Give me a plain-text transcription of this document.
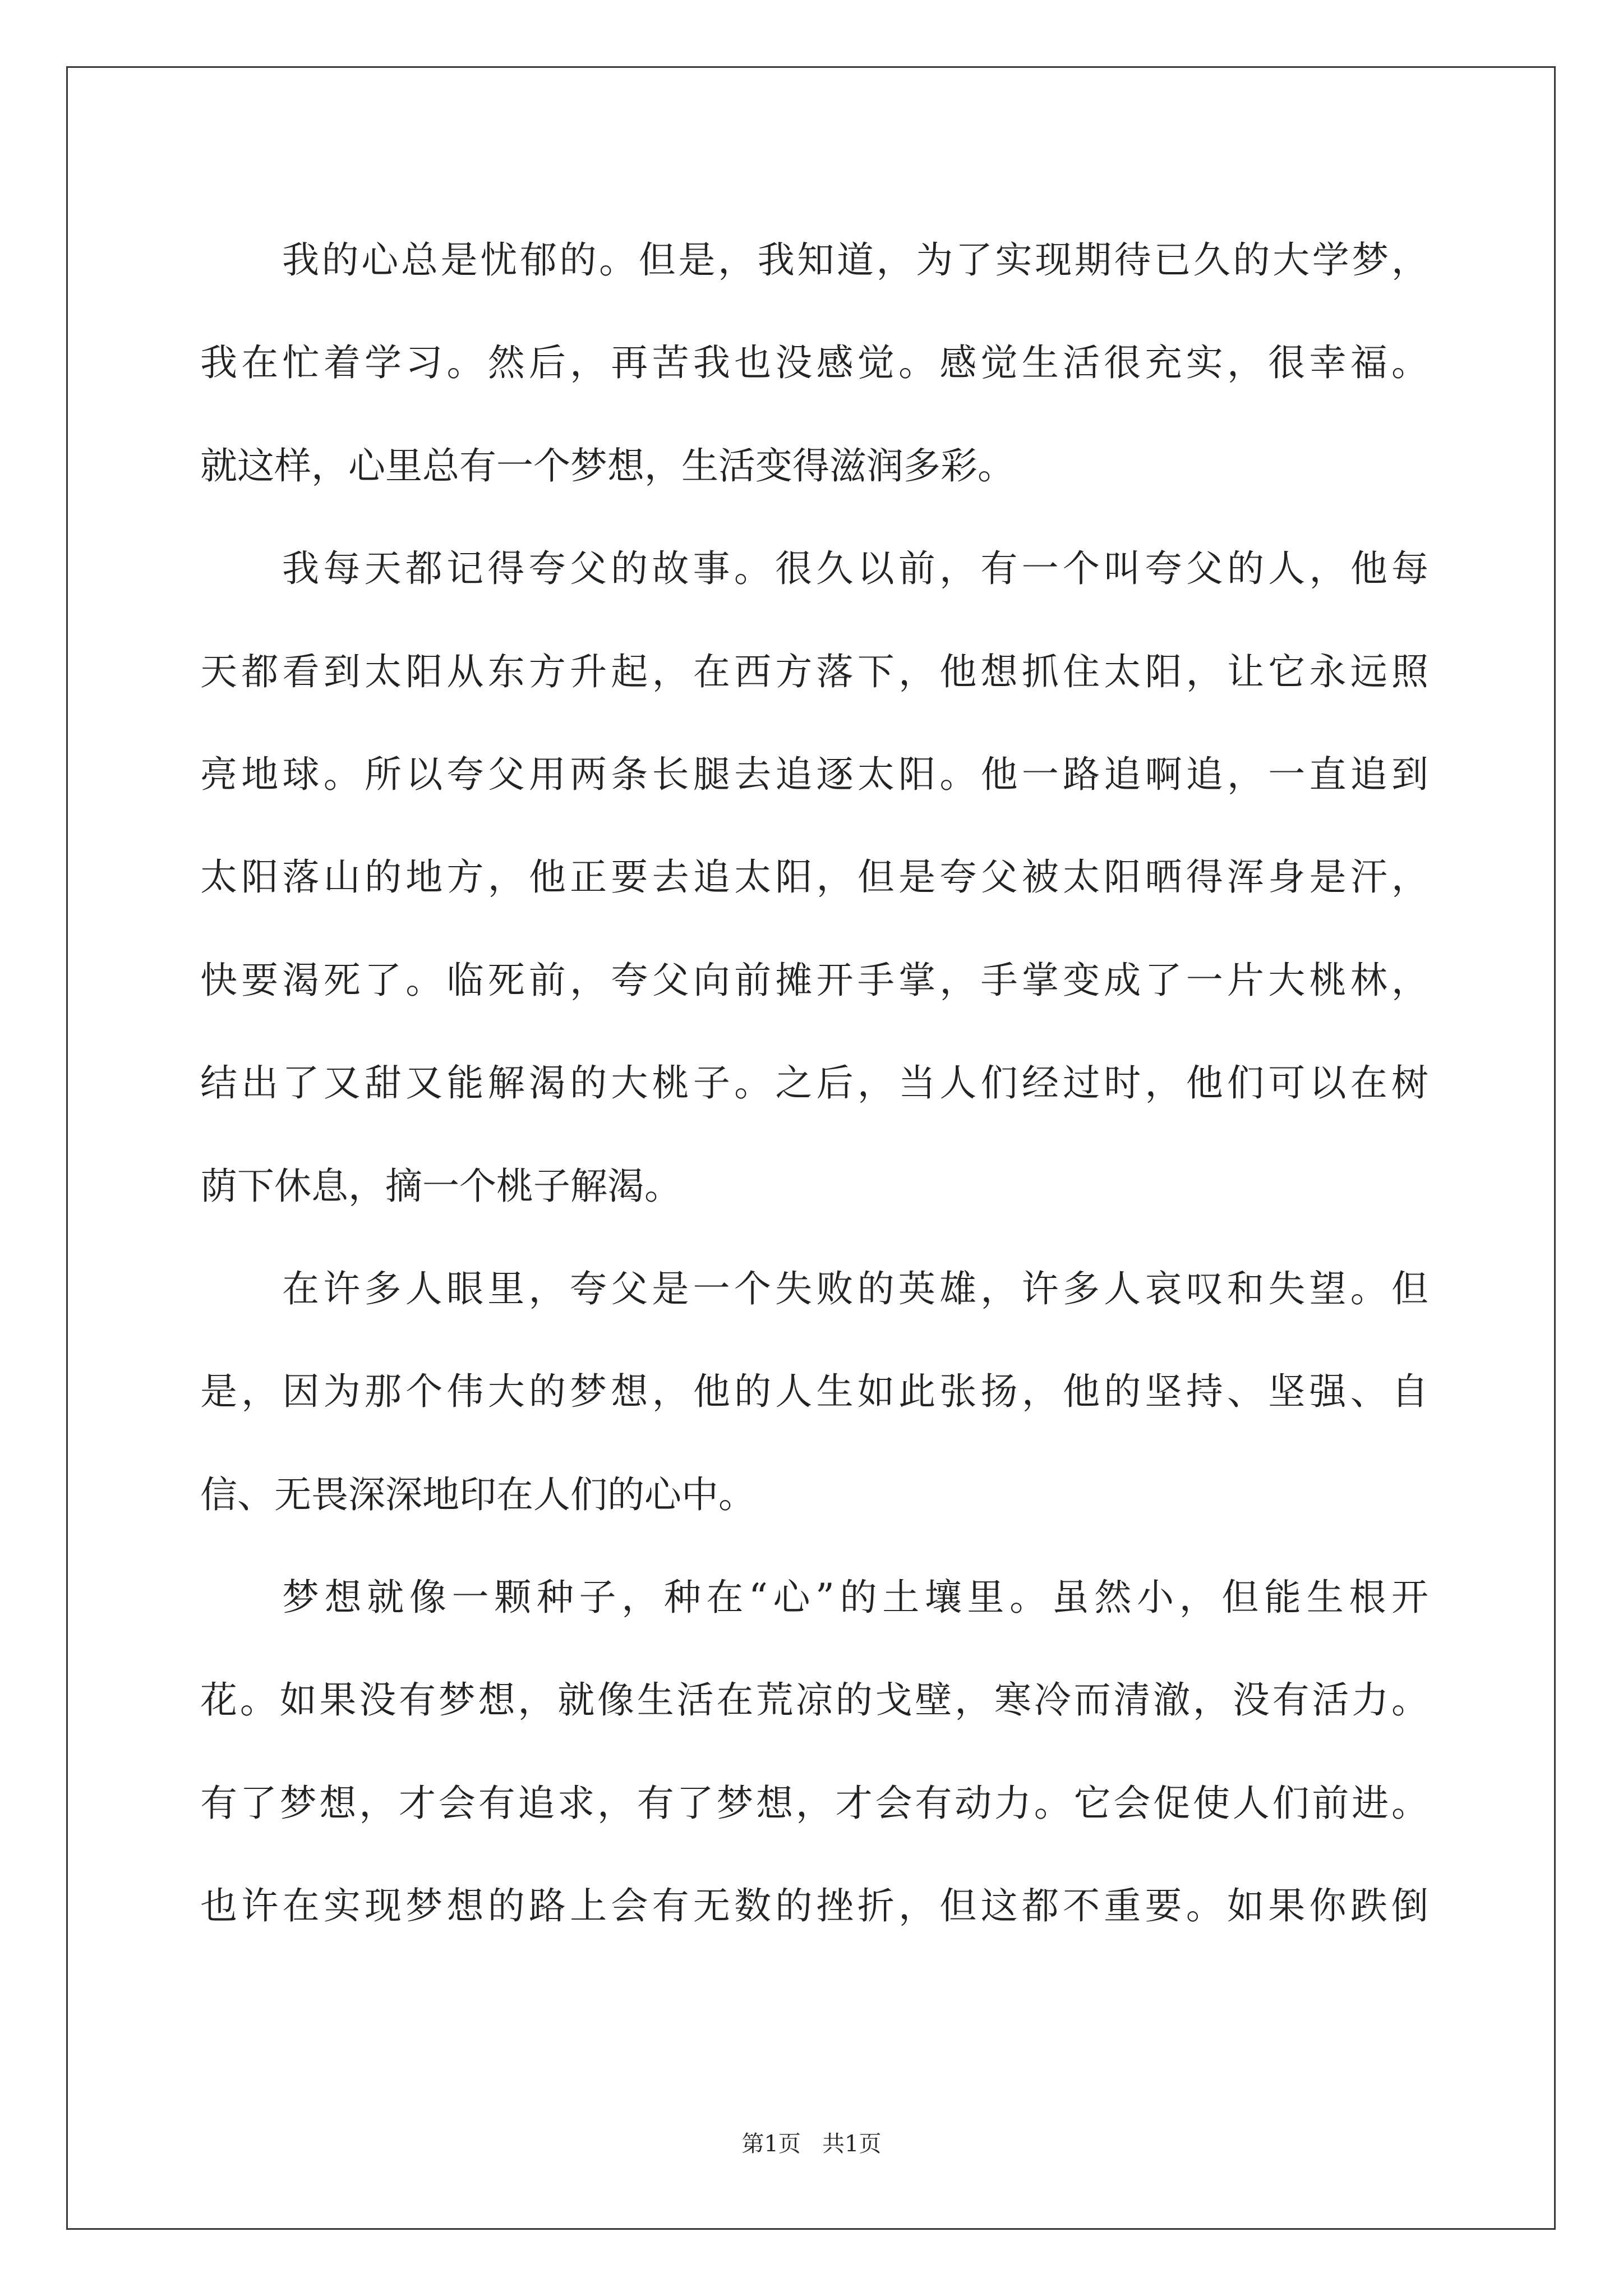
我的心总是忧郁的。但是，我知道，为了实现期待已久的大学梦，
我在忙着学习。然后，再苦我也没感觉。感觉生活很充实，很幸福。
就这样，心里总有一个梦想，生活变得滋润多彩。
我每天都记得夸父的故事。很久以前，有一个叫夸父的人，他每
天都看到太阳从东方升起，在西方落下，他想抓住太阳，让它永远照
亮地球。所以夸父用两条长腿去追逐太阳。他一路追啊追，一直追到
太阳落山的地方，他正要去追太阳，但是夸父被太阳晒得浑身是汗，
快要渴死了。临死前，夸父向前摊开手掌，手掌变成了一片大桃林，
结出了又甜又能解渴的大桃子。之后，当人们经过时，他们可以在树
荫下休息，摘一个桃子解渴。
在许多人眼里，夸父是一个失败的英雄，许多人哀叹和失望。但
是，因为那个伟大的梦想，他的人生如此张扬，他的坚持、坚强、自
信、无畏深深地印在人们的心中。
梦想就像一颗种子，种在“心”的土壤里。虽然小，但能生根开
花。如果没有梦想，就像生活在荒凉的戈壁，寒冷而清澈，没有活力。
有了梦想，才会有追求，有了梦想，才会有动力。它会促使人们前进。
也许在实现梦想的路上会有无数的挫折，但这都不重要。如果你跌倒
第1页   共1页
